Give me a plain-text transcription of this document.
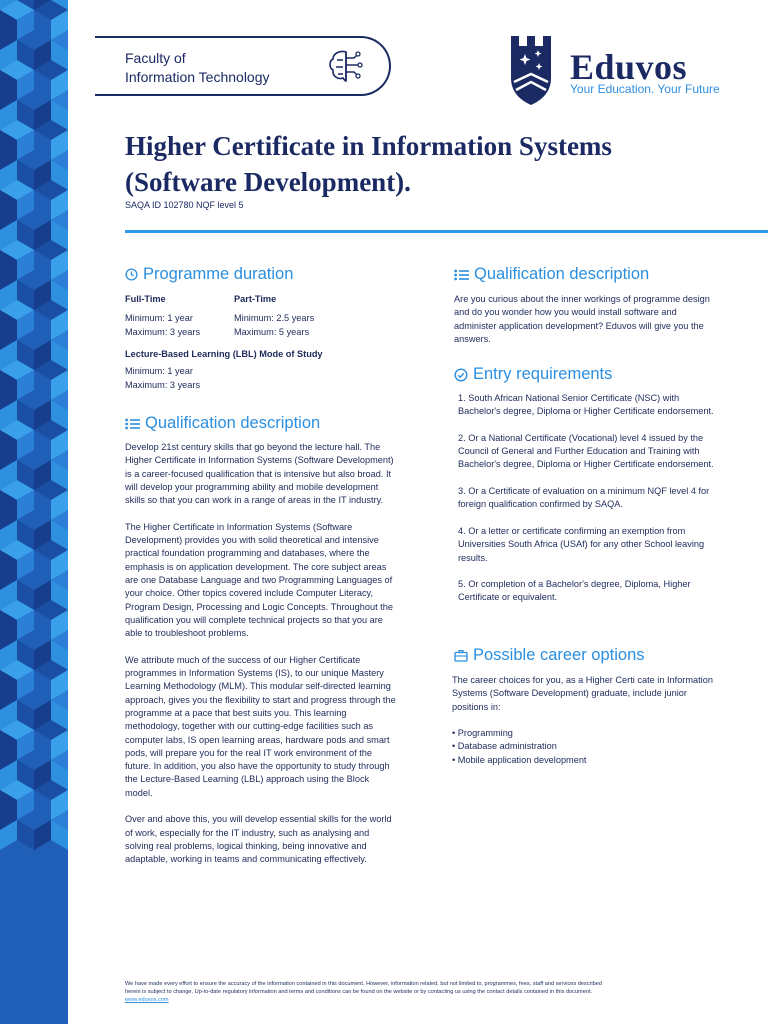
Faculty of
Information Technology	Eduvos
Your Education. Your Future
Higher Certificate in Information Systems
(Software Development).
SAQA ID 102780 NQF level 5
Programme duration
Full-Time
Minimum: 1 year
Maximum: 3 years
Part-Time
Minimum: 2.5 years
Maximum: 5 years
Lecture-Based Learning (LBL) Mode of Study
Minimum: 1 year
Maximum: 3 years
Qualification description

Develop 21st century skills that go beyond the lecture hall. The Higher Certificate in Information Systems (Software Development) is a career-focused qualification that is intensive but also broad. It will develop your programming ability and mobile development skills so that you can work in a range of areas in the IT industry.

The Higher Certificate in Information Systems (Software Development) provides you with solid theoretical and intensive practical foundation programming and databases, where the emphasis is on application development. The core subject areas are one Database Language and two Programming Languages of your choice. Other topics covered include Computer Literacy, Program Design, Processing and Logic Concepts. Throughout the qualification you will complete technical projects so that you are able to troubleshoot problems.

We attribute much of the success of our Higher Certificate programmes in Information Systems (IS), to our unique Mastery Learning Methodology (MLM). This modular self-directed learning approach, gives you the flexibility to start and progress through the programme at a pace that best suits you. This learning methodology, together with our cutting-edge facilities such as computer labs, IS open learning areas, hardware pods and smart pods, will prepare you for the real IT work environment of the future. In addition, you also have the opportunity to study through the Lecture-Based Learning (LBL) approach using the Block model.

Over and above this, you will develop essential skills for the world of work, especially for the IT industry, such as analysing and solving real problems, logical thinking, being innovative and adaptable, working in teams and communicating effectively.

Qualification description

Are you curious about the inner workings of programme design and do you wonder how you would install software and administer application development? Eduvos will give you the answers.

Entry requirements

1. South African National Senior Certificate (NSC) with Bachelor's degree, Diploma or Higher Certificate endorsement.

2. Or a National Certificate (Vocational) level 4 issued by the Council of General and Further Education and Training with Bachelor's degree, Diploma or Higher Certificate endorsement.

3. Or a Certificate of evaluation on a minimum NQF level 4 for foreign qualification confirmed by SAQA.

4. Or a letter or certificate confirming an exemption from Universities South Africa (USAf) for any other School leaving results.

5. Or completion of a Bachelor's degree, Diploma, Higher Certificate or equivalent.

Possible career options

The career choices for you, as a Higher Certi cate in Information Systems (Software Development) graduate, include junior positions in:

• Programming
• Database administration
• Mobile application development
We have made every effort to ensure the accuracy of the information contained in this document. However, information related, but not limited to, programmes, fees, staff and services described
herein is subject to change. Up-to-date regulatory information and terms and conditions can be found on the website or by contacting us using the contact details contained in this document.
www.eduvos.com
